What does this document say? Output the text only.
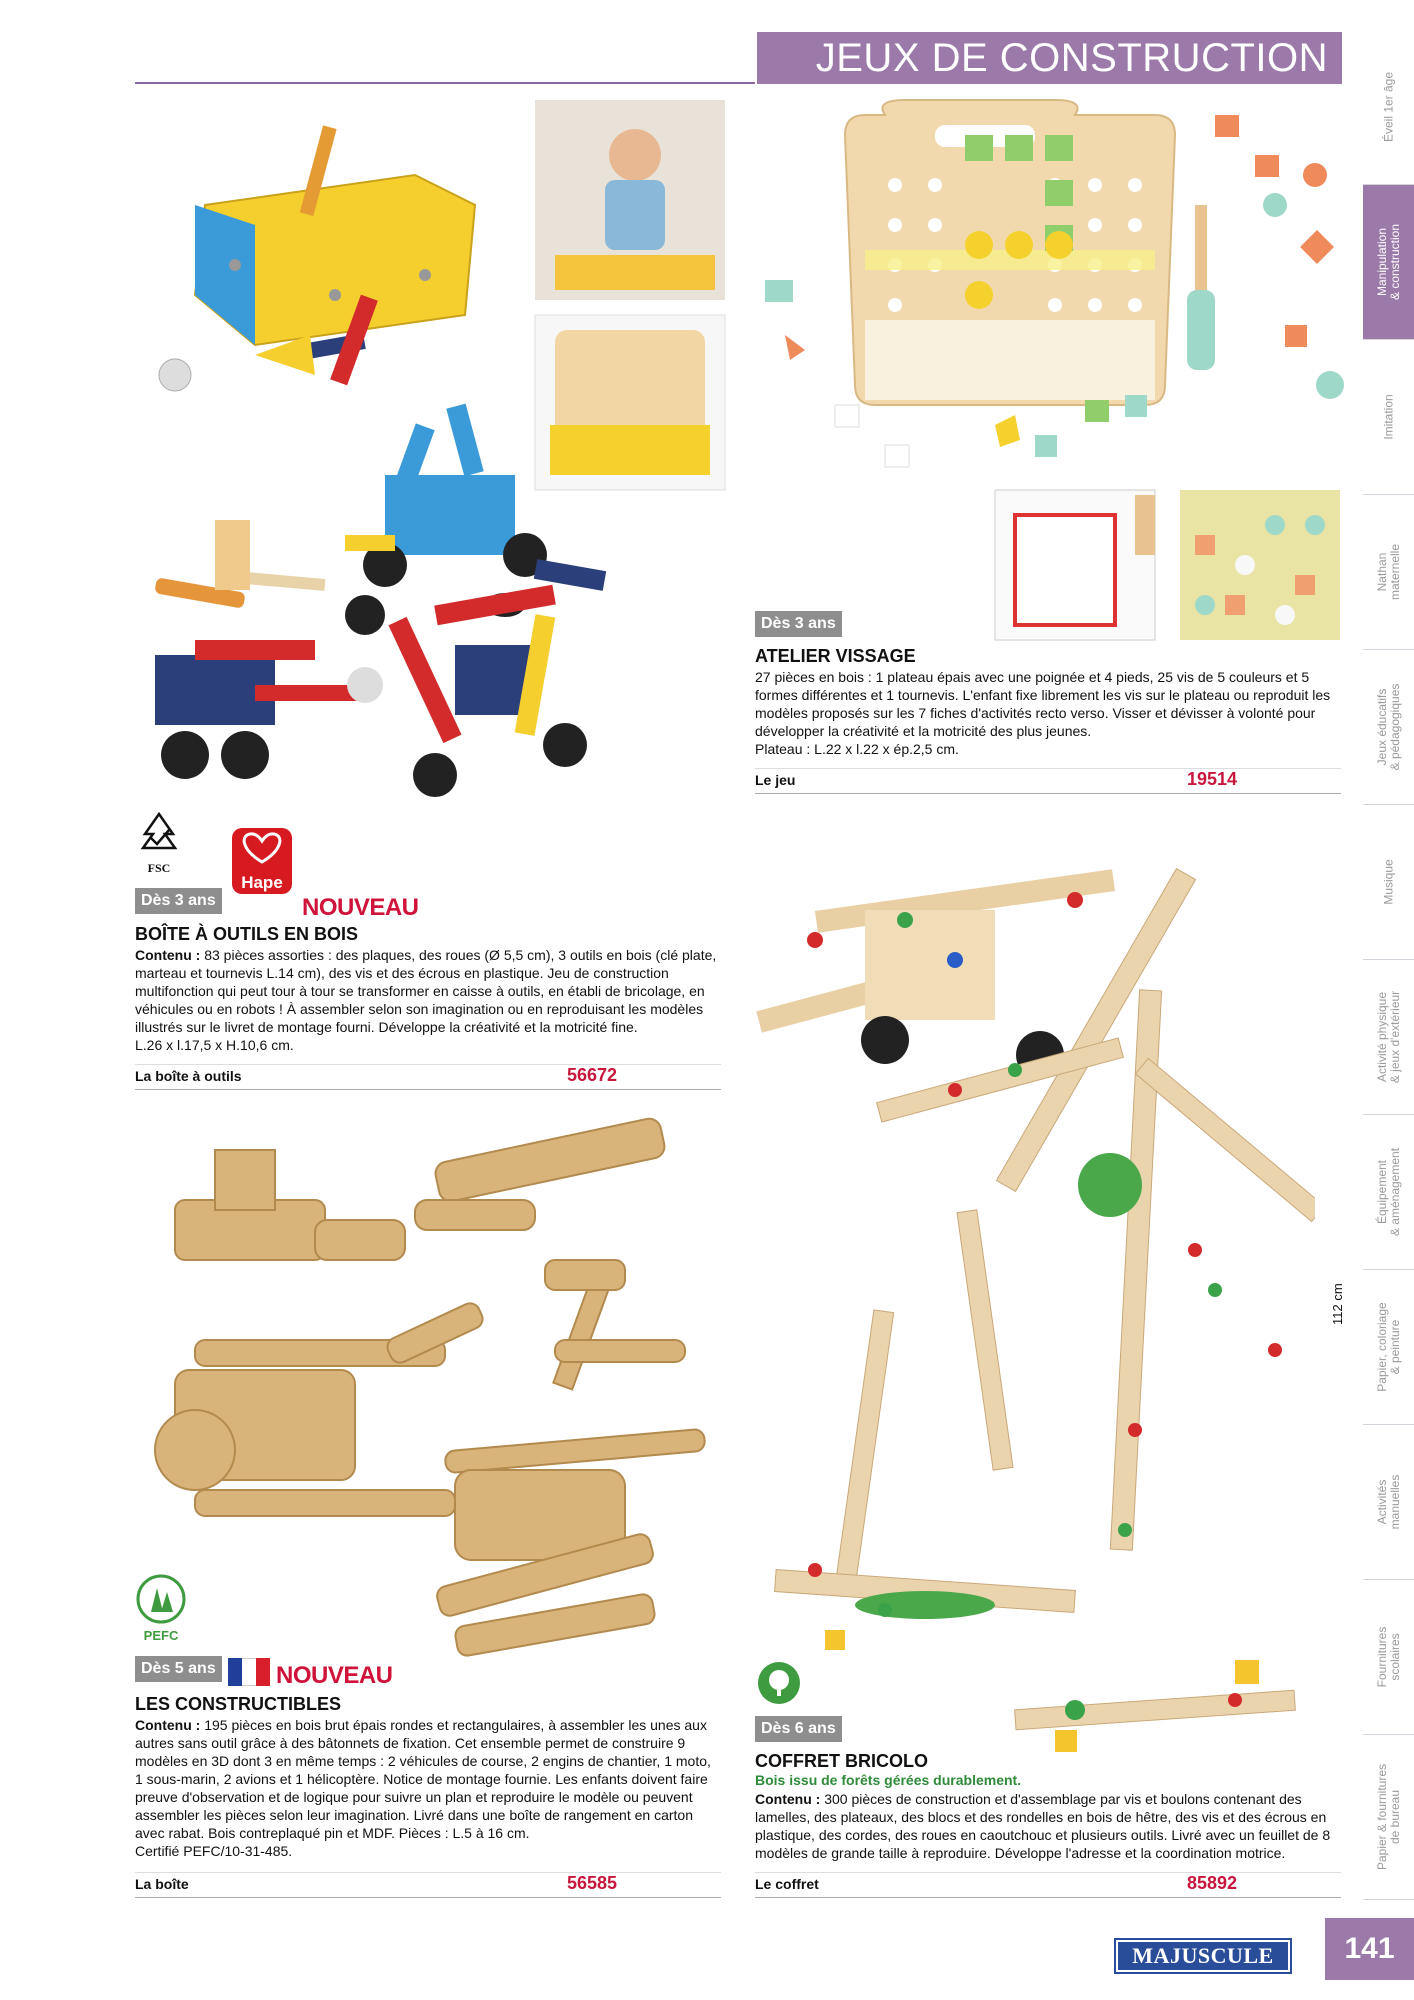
JEUX DE CONSTRUCTION
Éveil 1er âge
Manipulation
& construction
Imitation
Nathan
maternelle
Jeux éducatifs
& pédagogiques
Musique
Activité physique
& jeux d'extérieur
Équipement
& aménagement
Papier, coloriage
& peinture
Activités
manuelles
Fournitures
scolaires
Papier & fournitures
de bureau
FSC
Hape
Dès 3 ans	NOUVEAU
BOÎTE À OUTILS EN BOIS
Contenu : 83 pièces assorties : des plaques, des roues (Ø 5,5 cm), 3 outils en bois (clé plate, marteau et tournevis L.14 cm), des vis et des écrous en plastique. Jeu de construction multifonction qui peut tour à tour se transformer en caisse à outils, en établi de bricolage, en véhicules ou en robots ! À assembler selon son imagination ou en reproduisant les modèles illustrés sur le livret de montage fourni. Développe la créativité et la motricité fine.
L.26 x l.17,5 x H.10,6 cm.
La boîte à outils	56672
Dès 3 ans
ATELIER VISSAGE
27 pièces en bois : 1 plateau épais avec une poignée et 4 pieds, 25 vis de 5 couleurs et 5 formes différentes et 1 tournevis. L'enfant fixe librement les vis sur le plateau ou reproduit les modèles proposés sur les 7 fiches d'activités recto verso. Visser et dévisser à volonté pour développer la créativité et la motricité des plus jeunes.
Plateau : L.22 x l.22 x ép.2,5 cm.
Le jeu	19514
PEFC
Dès 5 ans	NOUVEAU
LES CONSTRUCTIBLES
Contenu : 195 pièces en bois brut épais rondes et rectangulaires, à assembler les unes aux autres sans outil grâce à des bâtonnets de fixation. Cet ensemble permet de construire 9 modèles en 3D dont 3 en même temps : 2 véhicules de course, 2 engins de chantier, 1 moto, 1 sous-marin, 2 avions et 1 hélicoptère. Notice de montage fournie. Les enfants doivent faire preuve d'observation et de logique pour suivre un plan et reproduire le modèle ou peuvent assembler les pièces selon leur imagination. Livré dans une boîte de rangement en carton avec rabat. Bois contreplaqué pin et MDF. Pièces : L.5 à 16 cm.
Certifié PEFC/10-31-485.
La boîte	56585
112 cm
Dès 6 ans
COFFRET BRICOLO
Bois issu de forêts gérées durablement.
Contenu : 300 pièces de construction et d'assemblage par vis et boulons contenant des lamelles, des plateaux, des blocs et des rondelles en bois de hêtre, des vis et des écrous en plastique, des cordes, des roues en caoutchouc et plusieurs outils. Livré avec un feuillet de 8 modèles de grande taille à reproduire. Développe l'adresse et la coordination motrice.
Le coffret	85892
MAJUSCULE	141
